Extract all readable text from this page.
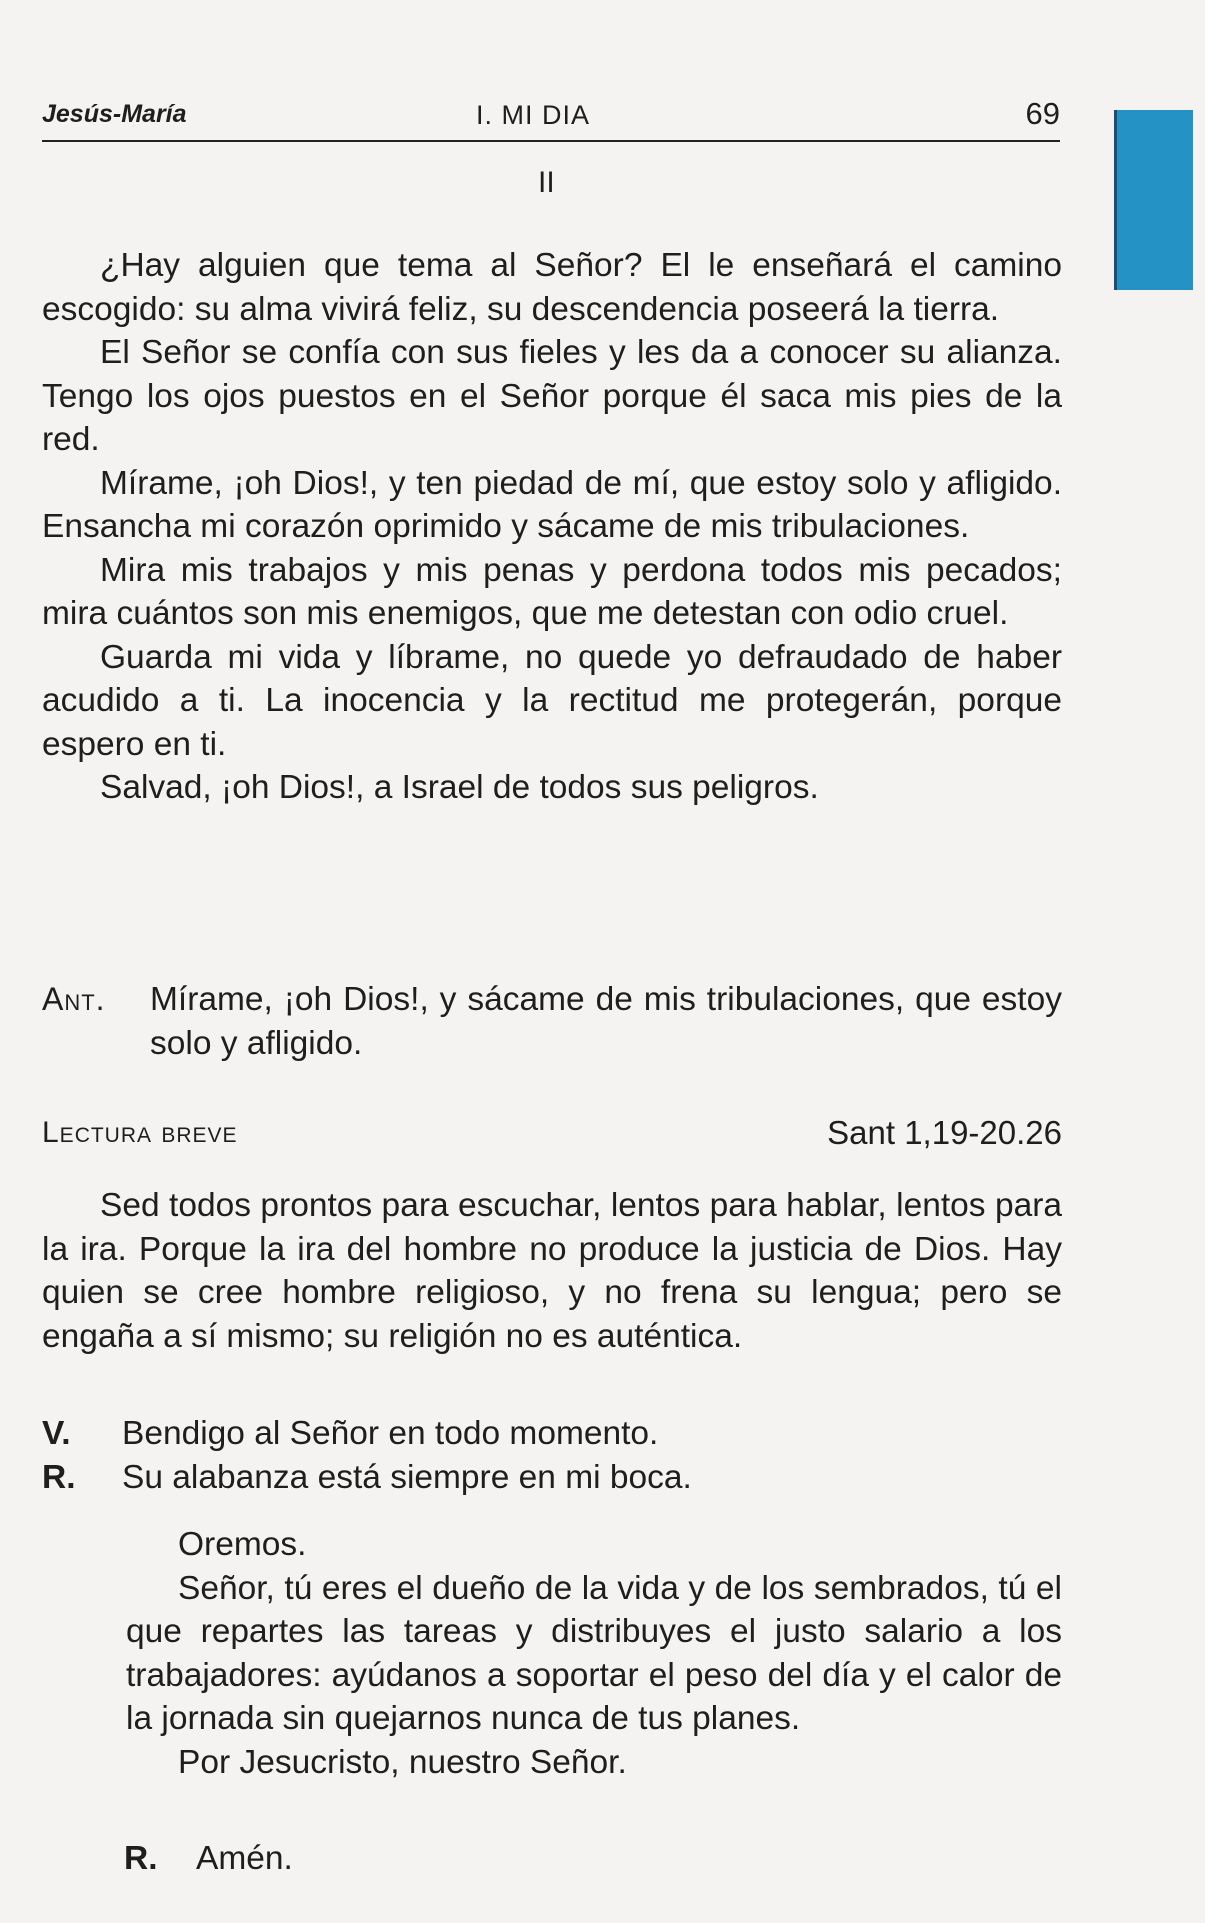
Jesús-María	I. MI DIA	69
II

¿Hay alguien que tema al Señor? El le enseñará el camino escogido: su alma vivirá feliz, su descendencia poseerá la tierra.

El Señor se confía con sus fieles y les da a conocer su alianza. Tengo los ojos puestos en el Señor porque él saca mis pies de la red.

Mírame, ¡oh Dios!, y ten piedad de mí, que estoy solo y afligido. Ensancha mi corazón oprimido y sácame de mis tribulaciones.

Mira mis trabajos y mis penas y perdona todos mis pecados; mira cuántos son mis enemigos, que me detestan con odio cruel.

Guarda mi vida y líbrame, no quede yo defraudado de haber acudido a ti. La inocencia y la rectitud me protegerán, porque espero en ti.

Salvad, ¡oh Dios!, a Israel de todos sus peligros.

Ant.	Mírame, ¡oh Dios!, y sácame de mis tribulaciones, que estoy solo y afligido.
Lectura breve	Sant 1,19-20.26

Sed todos prontos para escuchar, lentos para hablar, lentos para la ira. Porque la ira del hombre no produce la justicia de Dios. Hay quien se cree hombre religioso, y no frena su lengua; pero se engaña a sí mismo; su religión no es auténtica.

V.	Bendigo al Señor en todo momento.
R. Su alabanza está siempre en mi boca.

Oremos.

Señor, tú eres el dueño de la vida y de los sembrados, tú el que repartes las tareas y distribuyes el justo salario a los trabajadores: ayúdanos a soportar el peso del día y el calor de la jornada sin quejarnos nunca de tus planes.

Por Jesucristo, nuestro Señor.

R. Amén.
